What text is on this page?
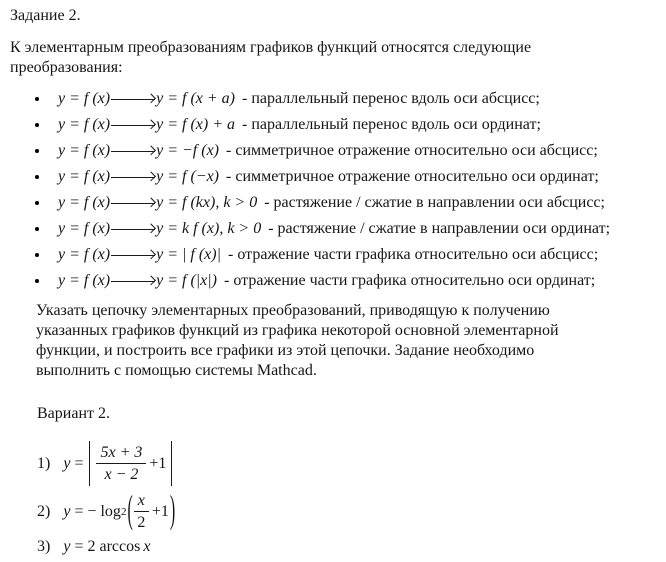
Задание 2.
К элементарным преобразованиям графиков функций относятся следующие
преобразования:
y = f (x)	y = f (x + a) - параллельный перенос вдоль оси абсцисс;
y = f (x)	y = f (x) + a - параллельный перенос вдоль оси ординат;
y = f (x)	y = −f (x) - симметричное отражение относительно оси абсцисс;
y = f (x)	y = f (−x) - симметричное отражение относительно оси ординат;
y = f (x)	y = f (kx), k > 0 - растяжение / сжатие в направлении оси абсцисс;
y = f (x)	y = k f (x), k > 0 - растяжение / сжатие в направлении оси ординат;
y = f (x)	y = | f (x)| - отражение части графика относительно оси абсцисс;
y = f (x)	y = f (|x|) - отражение части графика относительно оси ординат;
Указать цепочку элементарных преобразований, приводящую к получению
указанных графиков функций из графика некоторой основной элементарной
функции, и построить все графики из этой цепочки. Задание необходимо
выполнить с помощью системы Mathcad.
Вариант 2.
1) $y = \frac{5x + 3}{x - 2} +1$
2) y = − log 2 ( $\frac{x}{2} +1$ )
3) y = 2 arccos x
